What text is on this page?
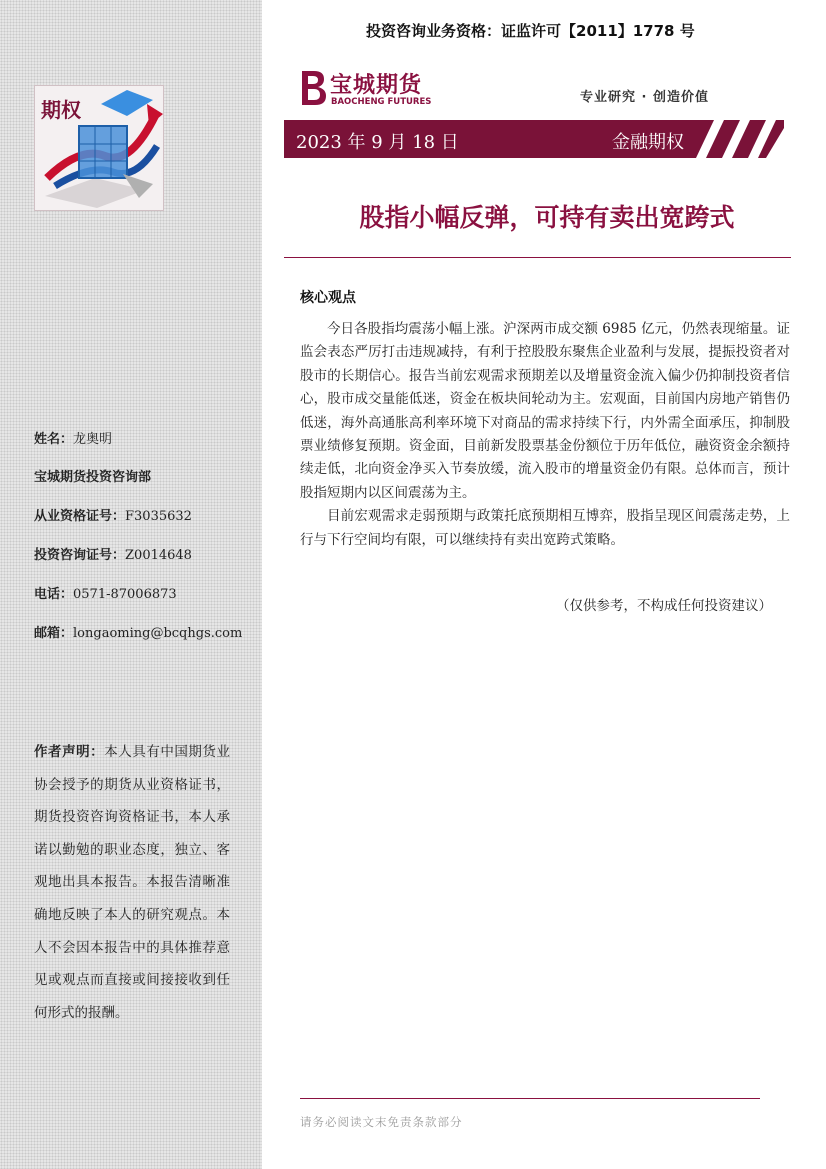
期权
姓名：龙奥明
宝城期货投资咨询部
从业资格证号：F3035632
投资咨询证号：Z0014648
电话：0571-87006873
邮箱：longaoming@bcqhgs.com
作者声明：本人具有中国期货业协会授予的期货从业资格证书，期货投资咨询资格证书，本人承诺以勤勉的职业态度，独立、客观地出具本报告。本报告清晰准确地反映了本人的研究观点。本人不会因本报告中的具体推荐意见或观点而直接或间接接收到任何形式的报酬。
投资咨询业务资格：证监许可【2011】1778 号
宝城期货
BAOCHENG FUTURES	专业研究 · 创造价值
2023 年 9 月 18 日	金融期权
股指小幅反弹，可持有卖出宽跨式
核心观点

今日各股指均震荡小幅上涨。沪深两市成交额 6985 亿元，仍然表现缩量。证监会表态严厉打击违规减持，有利于控股股东聚焦企业盈利与发展，提振投资者对股市的长期信心。报告当前宏观需求预期差以及增量资金流入偏少仍抑制投资者信心，股市成交量能低迷，资金在板块间轮动为主。宏观面，目前国内房地产销售仍低迷，海外高通胀高利率环境下对商品的需求持续下行，内外需全面承压，抑制股票业绩修复预期。资金面，目前新发股票基金份额位于历年低位，融资资金余额持续走低，北向资金净买入节奏放缓，流入股市的增量资金仍有限。总体而言，预计股指短期内以区间震荡为主。

目前宏观需求走弱预期与政策托底预期相互博弈，股指呈现区间震荡走势，上行与下行空间均有限，可以继续持有卖出宽跨式策略。

（仅供参考，不构成任何投资建议）
请务必阅读文末免责条款部分
